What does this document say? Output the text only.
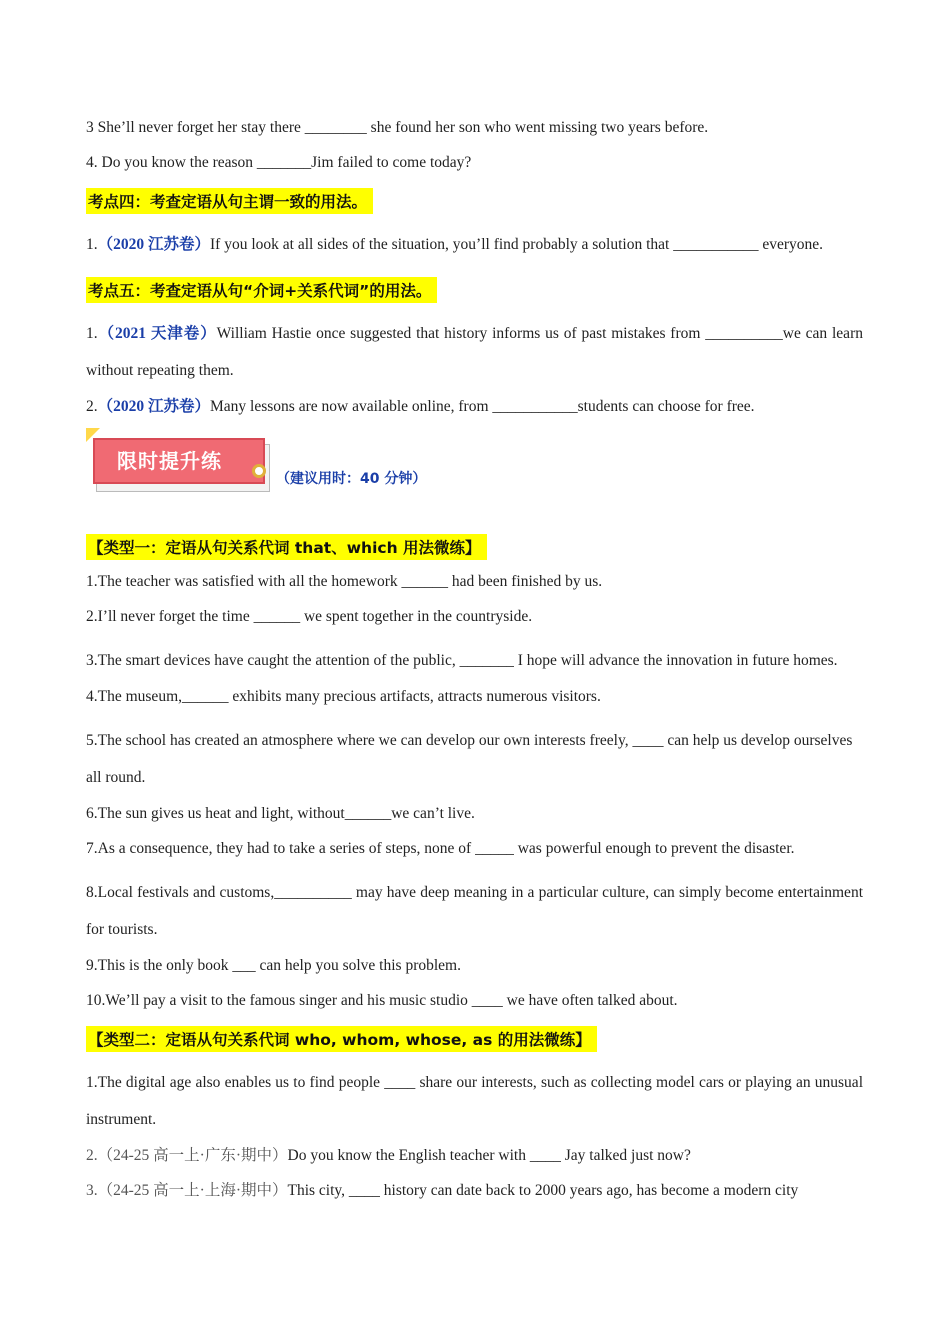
3 She’ll never forget her stay there ________ she found her son who went missing two years before.

4. Do you know the reason _______Jim failed to come today?

考点四：考查定语从句主谓一致的用法。

1.（2020 江苏卷）If you look at all sides of the situation, you’ll find probably a solution that ___________ everyone.

考点五：考查定语从句“介词+关系代词”的用法。

1.（2021 天津卷）William Hastie once suggested that history informs us of past mistakes from __________we can learn without repeating them.

2.（2020 江苏卷）Many lessons are now available online, from ___________students can choose for free.

限时提升练
（建议用时：40 分钟）
【类型一：定语从句关系代词 that、which 用法微练】

1.The teacher was satisfied with all the homework ______ had been finished by us.

2.I’ll never forget the time ______ we spent together in the countryside.

3.The smart devices have caught the attention of the public, _______ I hope will advance the innovation in future homes.

4.The museum,______ exhibits many precious artifacts, attracts numerous visitors.

5.The school has created an atmosphere where we can develop our own interests freely, ____ can help us develop ourselves all round.

6.The sun gives us heat and light, without______we can’t live.

7.As a consequence, they had to take a series of steps, none of _____ was powerful enough to prevent the disaster.

8.Local festivals and customs,__________ may have deep meaning in a particular culture, can simply become entertainment for tourists.

9.This is the only book ___ can help you solve this problem.

10.We’ll pay a visit to the famous singer and his music studio ____ we have often talked about.

【类型二：定语从句关系代词 who, whom, whose, as 的用法微练】

1.The digital age also enables us to find people ____ share our interests, such as collecting model cars or playing an unusual instrument.

2.（24-25 高一上·广东·期中）Do you know the English teacher with ____ Jay talked just now?

3.（24-25 高一上·上海·期中）This city, ____ history can date back to 2000 years ago, has become a modern city
